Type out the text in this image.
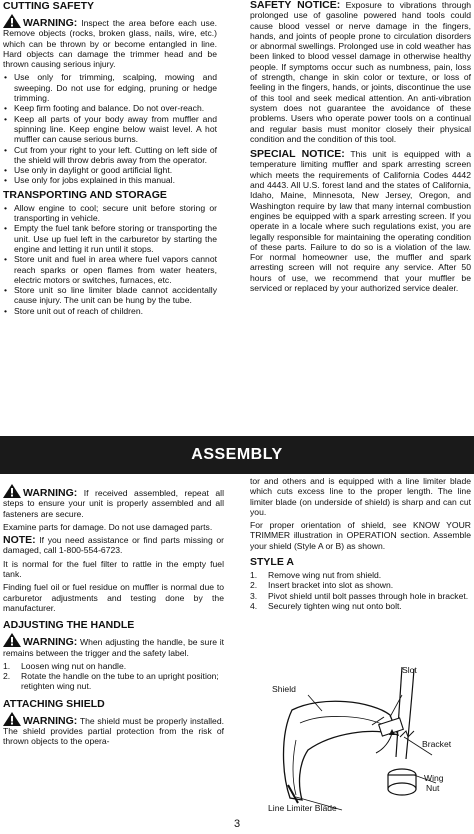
CUTTING SAFETY

WARNING: Inspect the area before each use. Remove objects (rocks, broken glass, nails, wire, etc.) which can be thrown by or become entangled in line. Hard objects can damage the trimmer head and be thrown causing serious injury.

• Use only for trimming, scalping, mowing and sweeping. Do not use for edging, pruning or hedge trimming.
• Keep firm footing and balance. Do not over-reach.
• Keep all parts of your body away from muffler and spinning line. Keep engine below waist level. A hot muffler can cause serious burns.
• Cut from your right to your left. Cutting on left side of the shield will throw debris away from the operator.
• Use only in daylight or good artificial light.
• Use only for jobs explained in this manual.
TRANSPORTING AND STORAGE
• Allow engine to cool; secure unit before storing or transporting in vehicle.
• Empty the fuel tank before storing or transporting the unit. Use up fuel left in the carburetor by starting the engine and letting it run until it stops.
• Store unit and fuel in area where fuel vapors cannot reach sparks or open flames from water heaters, electric motors or switches, furnaces, etc.
• Store unit so line limiter blade cannot accidentally cause injury. The unit can be hung by the tube.
• Store unit out of reach of children.

SAFETY NOTICE: Exposure to vibrations through prolonged use of gasoline powered hand tools could cause blood vessel or nerve damage in the fingers, hands, and joints of people prone to circulation disorders or abnormal swellings. Prolonged use in cold weather has been linked to blood vessel damage in otherwise healthy people. If symptoms occur such as numbness, pain, loss of strength, change in skin color or texture, or loss of feeling in the fingers, hands, or joints, discontinue the use of this tool and seek medical attention. An anti-vibration system does not guarantee the avoidance of these problems. Users who operate power tools on a continual and regular basis must monitor closely their physical condition and the condition of this tool.

SPECIAL NOTICE: This unit is equipped with a temperature limiting muffler and spark arresting screen which meets the requirements of California Codes 4442 and 4443. All U.S. forest land and the states of California, Idaho, Maine, Minnesota, New Jersey, Oregon, and Washington require by law that many internal combustion engines be equipped with a spark arresting screen. If you operate in a locale where such regulations exist, you are legally responsible for maintaining the operating condition of these parts. Failure to do so is a violation of the law. For normal homeowner use, the muffler and spark arresting screen will not require any service. After 50 hours of use, we recommend that your muffler be serviced or replaced by your authorized service dealer.

ASSEMBLY

WARNING: If received assembled, repeat all steps to ensure your unit is properly assembled and all fasteners are secure.

Examine parts for damage. Do not use damaged parts.

NOTE: If you need assistance or find parts missing or damaged, call 1-800-554-6723.

It is normal for the fuel filter to rattle in the empty fuel tank.

Finding fuel oil or fuel residue on muffler is normal due to carburetor adjustments and testing done by the manufacturer.

ADJUSTING THE HANDLE

WARNING: When adjusting the handle, be sure it remains between the trigger and the safety label.

1. Loosen wing nut on handle.
2. Rotate the handle on the tube to an upright position; retighten wing nut.
ATTACHING SHIELD

WARNING: The shield must be properly installed. The shield provides partial protection from the risk of thrown objects to the opera-

tor and others and is equipped with a line limiter blade which cuts excess line to the proper length. The line limiter blade (on underside of shield) is sharp and can cut you.

For proper orientation of shield, see KNOW YOUR TRIMMER illustration in OPERATION section. Assemble your shield (Style A or B) as shown.

STYLE A
1. Remove wing nut from shield.
2. Insert bracket into slot as shown.
3. Pivot shield until bolt passes through hole in bracket.
4. Securely tighten wing nut onto bolt.
Slot
Shield
Bracket
Wing
Nut
Line Limiter Blade
3
